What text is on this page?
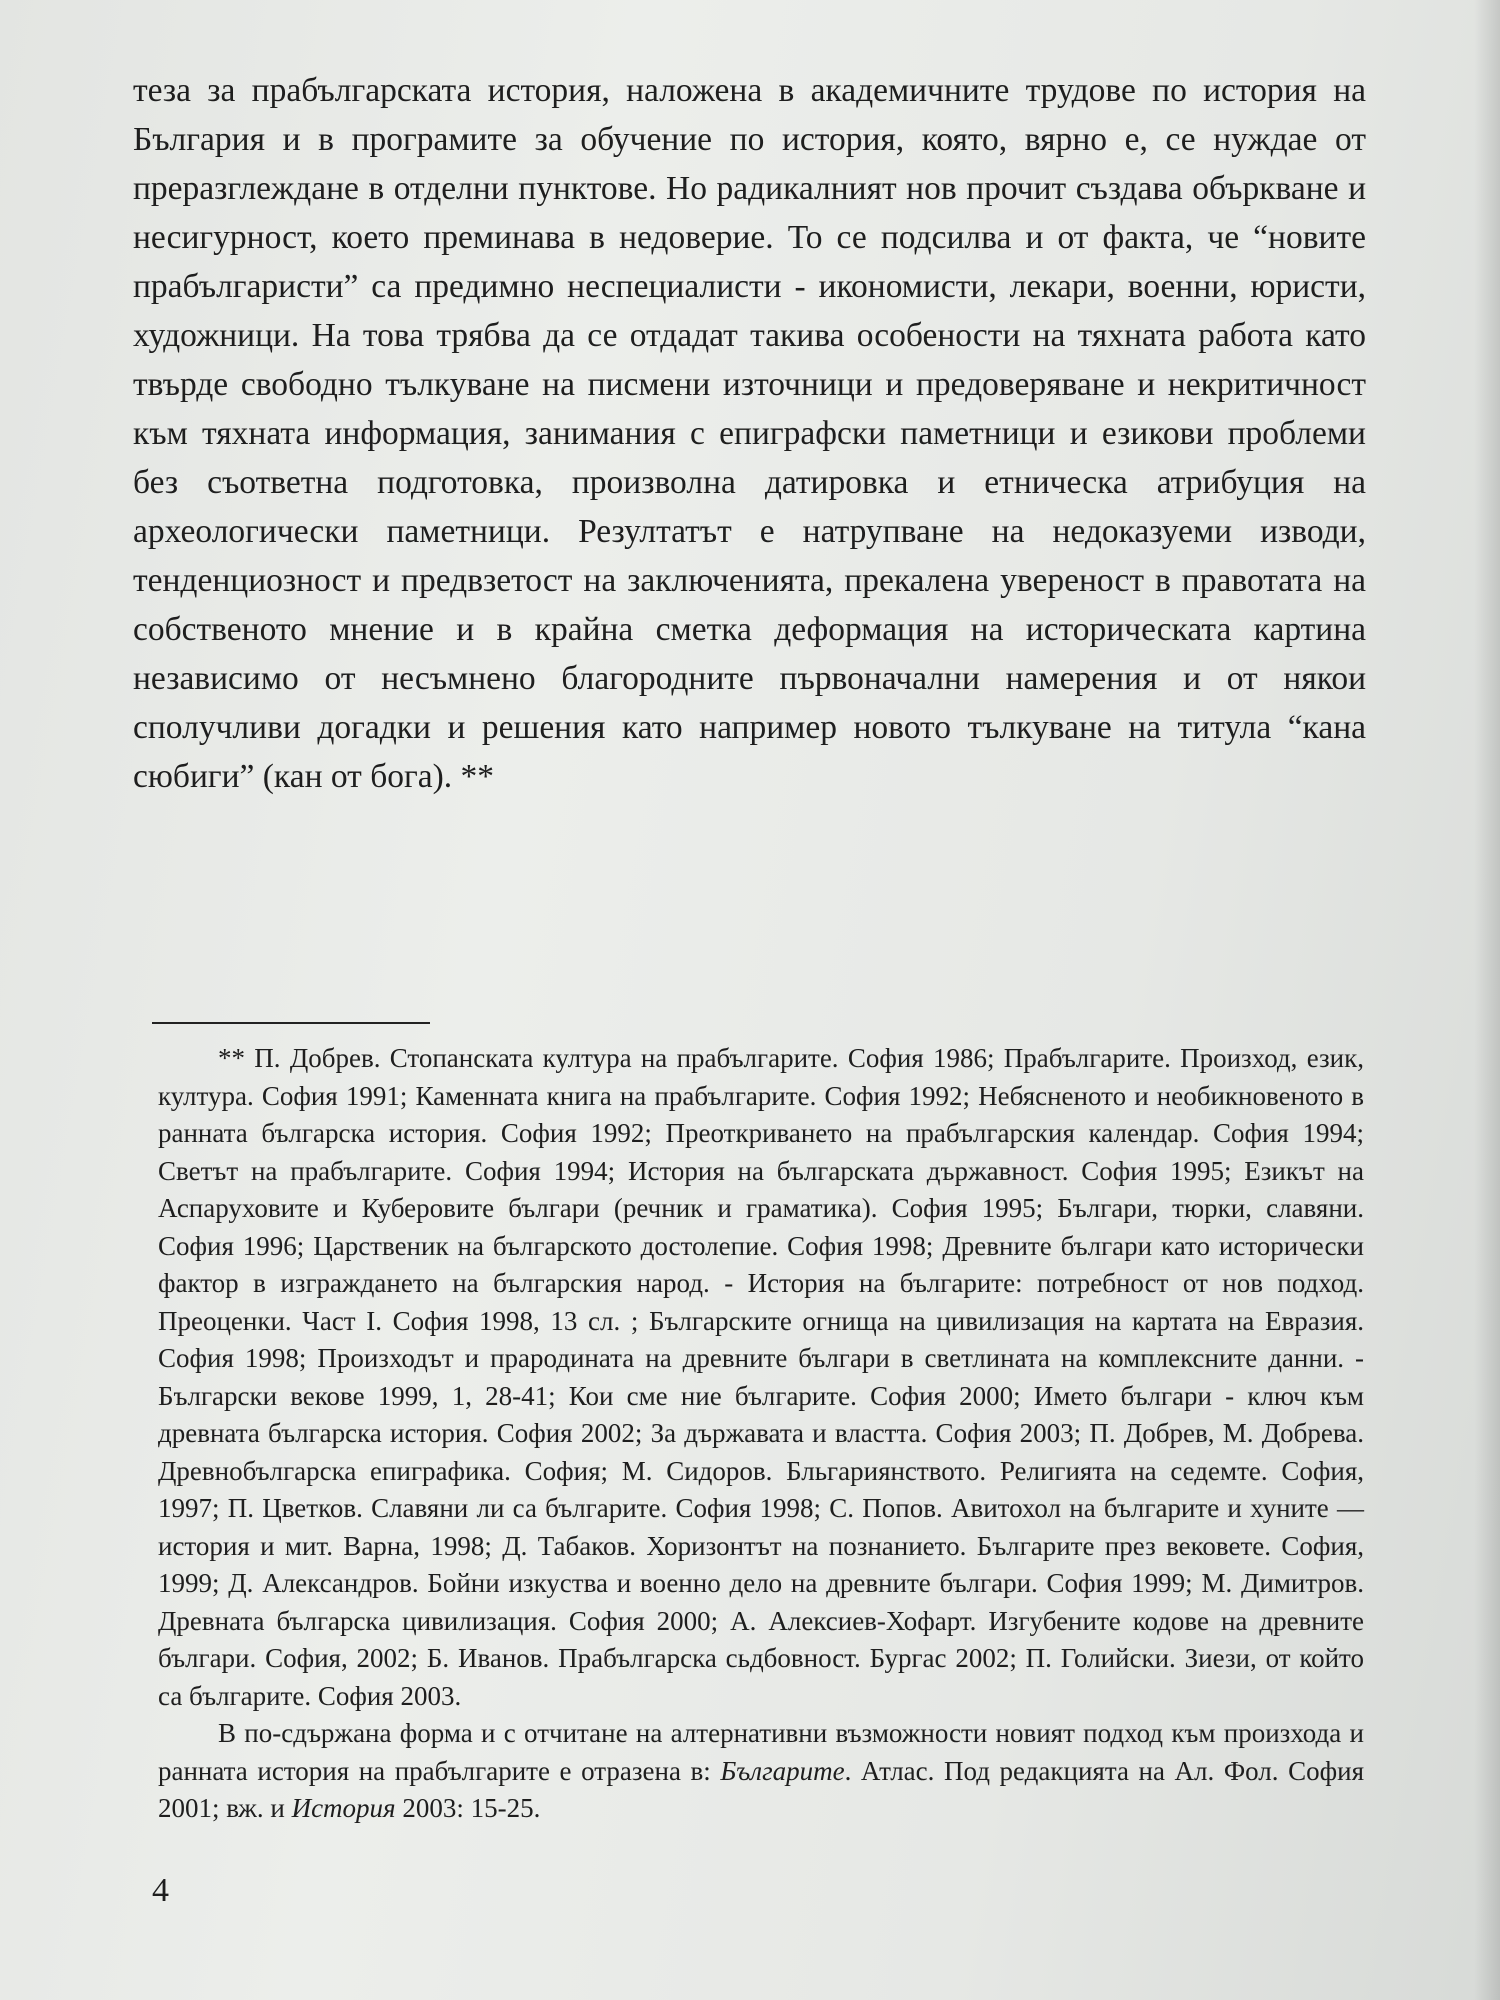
теза за прабългарската история, наложена в академичните трудове по история на България и в програмите за обучение по история, която, вярно е, се нуждае от преразглеждане в отделни пунктове. Но радикалният нов прочит създава объркване и несигурност, което преминава в недоверие. То се подсилва и от факта, че “новите прабългаристи” са предимно неспециалисти - икономисти, лекари, военни, юристи, художници. На това трябва да се отдадат такива особености на тяхната работа като твърде свободно тълкуване на писмени източници и предоверяване и некритичност към тяхната информация, занимания с епиграфски паметници и езикови проблеми без съответна подготовка, произволна датировка и етническа атрибуция на археологически паметници. Резултатът е натрупване на недоказуеми изводи, тенденциозност и предвзетост на заключенията, прекалена увереност в правотата на собственото мнение и в крайна сметка деформация на историческата картина независимо от несъмнено благородните първоначални намерения и от някои сполучливи догадки и решения като например новото тълкуване на титула “кана сюбиги” (кан от бога). **

** П. Добрев. Стопанската култура на прабългарите. София 1986; Прабългарите. Произход, език, култура. София 1991; Каменната книга на прабългарите. София 1992; Небясненото и необикновеното в ранната българска история. София 1992; Преоткриването на прабългарския календар. София 1994; Светът на прабългарите. София 1994; История на българската държавност. София 1995; Езикът на Аспаруховите и Куберовите българи (речник и граматика). София 1995; Българи, тюрки, славяни. София 1996; Царственик на българското достолепие. София 1998; Древните българи като исторически фактор в изграждането на българския народ. - История на българите: потребност от нов подход. Преоценки. Част I. София 1998, 13 сл. ; Българските огнища на цивилизация на картата на Евразия. София 1998; Произходът и прародината на древните българи в светлината на комплексните данни. - Български векове 1999, 1, 28-41; Кои сме ние българите. София 2000; Името българи - ключ към древната българска история. София 2002; За държавата и властта. София 2003; П. Добрев, М. Добрева. Древнобългарска епиграфика. София; М. Сидоров. Бльгариянството. Религията на седемте. София, 1997; П. Цветков. Славяни ли са българите. София 1998; С. Попов. Авитохол на българите и хуните — история и мит. Варна, 1998; Д. Табаков. Хоризонтът на познанието. Българите през вековете. София, 1999; Д. Александров. Бойни изкуства и военно дело на древните българи. София 1999; М. Димитров. Древната българска цивилизация. София 2000; А. Алексиев-Хофарт. Изгубените кодове на древните българи. София, 2002; Б. Иванов. Прабългарска сьдбовност. Бургас 2002; П. Голийски. Зиези, от който са българите. София 2003.

В по-сдържана форма и с отчитане на алтернативни възможности новият подход към произхода и ранната история на прабългарите е отразена в: Българите. Атлас. Под редакцията на Ал. Фол. София 2001; вж. и История 2003: 15-25.

4
